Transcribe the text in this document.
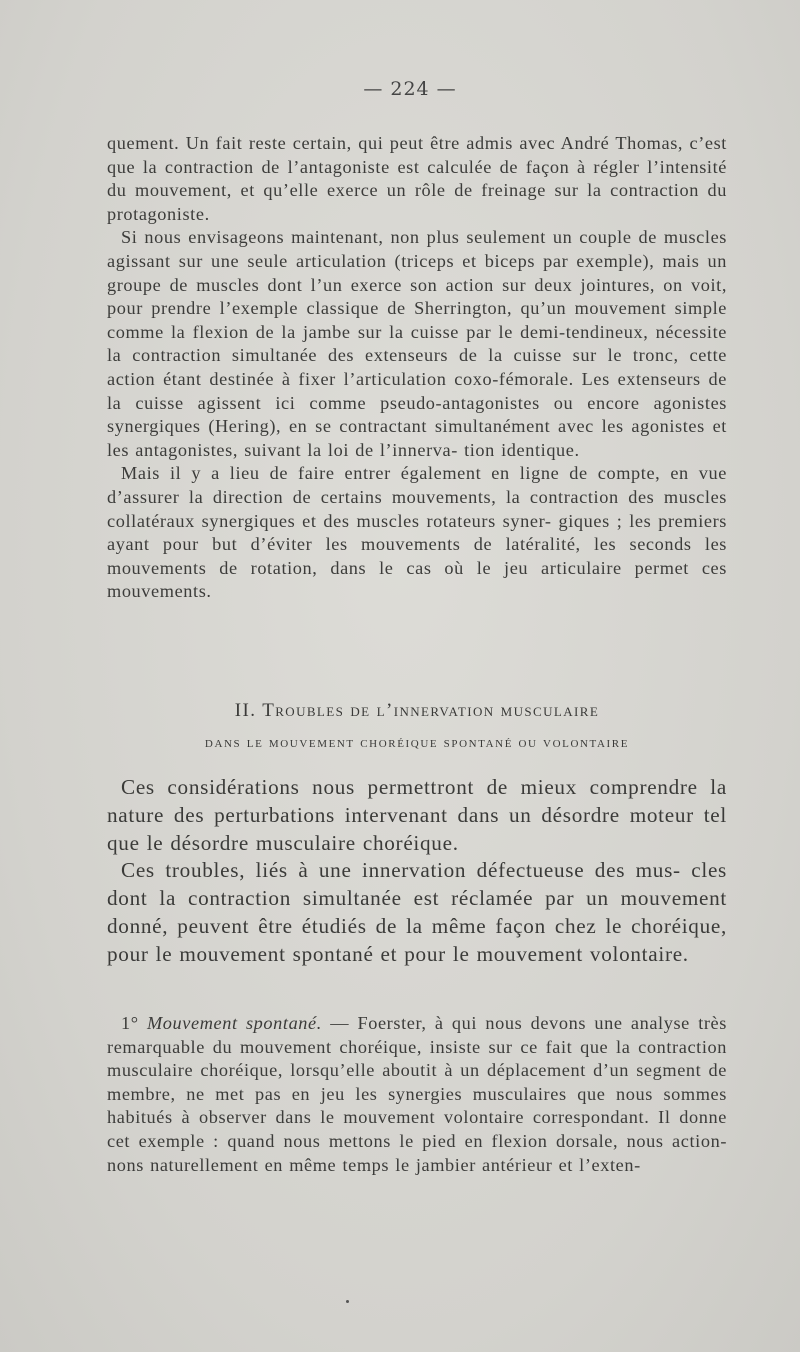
— 224 —

quement. Un fait reste certain, qui peut être admis avec André Thomas, c’est que la contraction de l’antagoniste est calculée de façon à régler l’intensité du mouvement, et qu’elle exerce un rôle de freinage sur la contraction du protagoniste.

Si nous envisageons maintenant, non plus seulement un couple de muscles agissant sur une seule articulation (triceps et biceps par exemple), mais un groupe de muscles dont l’un exerce son action sur deux jointures, on voit, pour prendre l’exemple classique de Sherrington, qu’un mouvement simple comme la flexion de la jambe sur la cuisse par le demi-tendineux, nécessite la contraction simultanée des extenseurs de la cuisse sur le tronc, cette action étant destinée à fixer l’articulation coxo-fémorale. Les extenseurs de la cuisse agissent ici comme pseudo-antagonistes ou encore agonistes synergiques (Hering), en se contractant simultanément avec les agonistes et les antagonistes, suivant la loi de l’innerva- tion identique.

Mais il y a lieu de faire entrer également en ligne de compte, en vue d’assurer la direction de certains mouvements, la contraction des muscles collatéraux synergiques et des muscles rotateurs syner- giques ; les premiers ayant pour but d’éviter les mouvements de latéralité, les seconds les mouvements de rotation, dans le cas où le jeu articulaire permet ces mouvements.

II. Troubles de l’innervation musculaire
dans le mouvement choréique spontané ou volontaire

Ces considérations nous permettront de mieux comprendre la nature des perturbations intervenant dans un désordre moteur tel que le désordre musculaire choréique.

Ces troubles, liés à une innervation défectueuse des mus- cles dont la contraction simultanée est réclamée par un mouvement donné, peuvent être étudiés de la même façon chez le choréique, pour le mouvement spontané et pour le mouvement volontaire.

1° Mouvement spontané. — Foerster, à qui nous devons une analyse très remarquable du mouvement choréique, insiste sur ce fait que la contraction musculaire choréique, lorsqu’elle aboutit à un déplacement d’un segment de membre, ne met pas en jeu les synergies musculaires que nous sommes habitués à observer dans le mouvement volontaire correspondant. Il donne cet exemple : quand nous mettons le pied en flexion dorsale, nous action- nons naturellement en même temps le jambier antérieur et l’exten-
